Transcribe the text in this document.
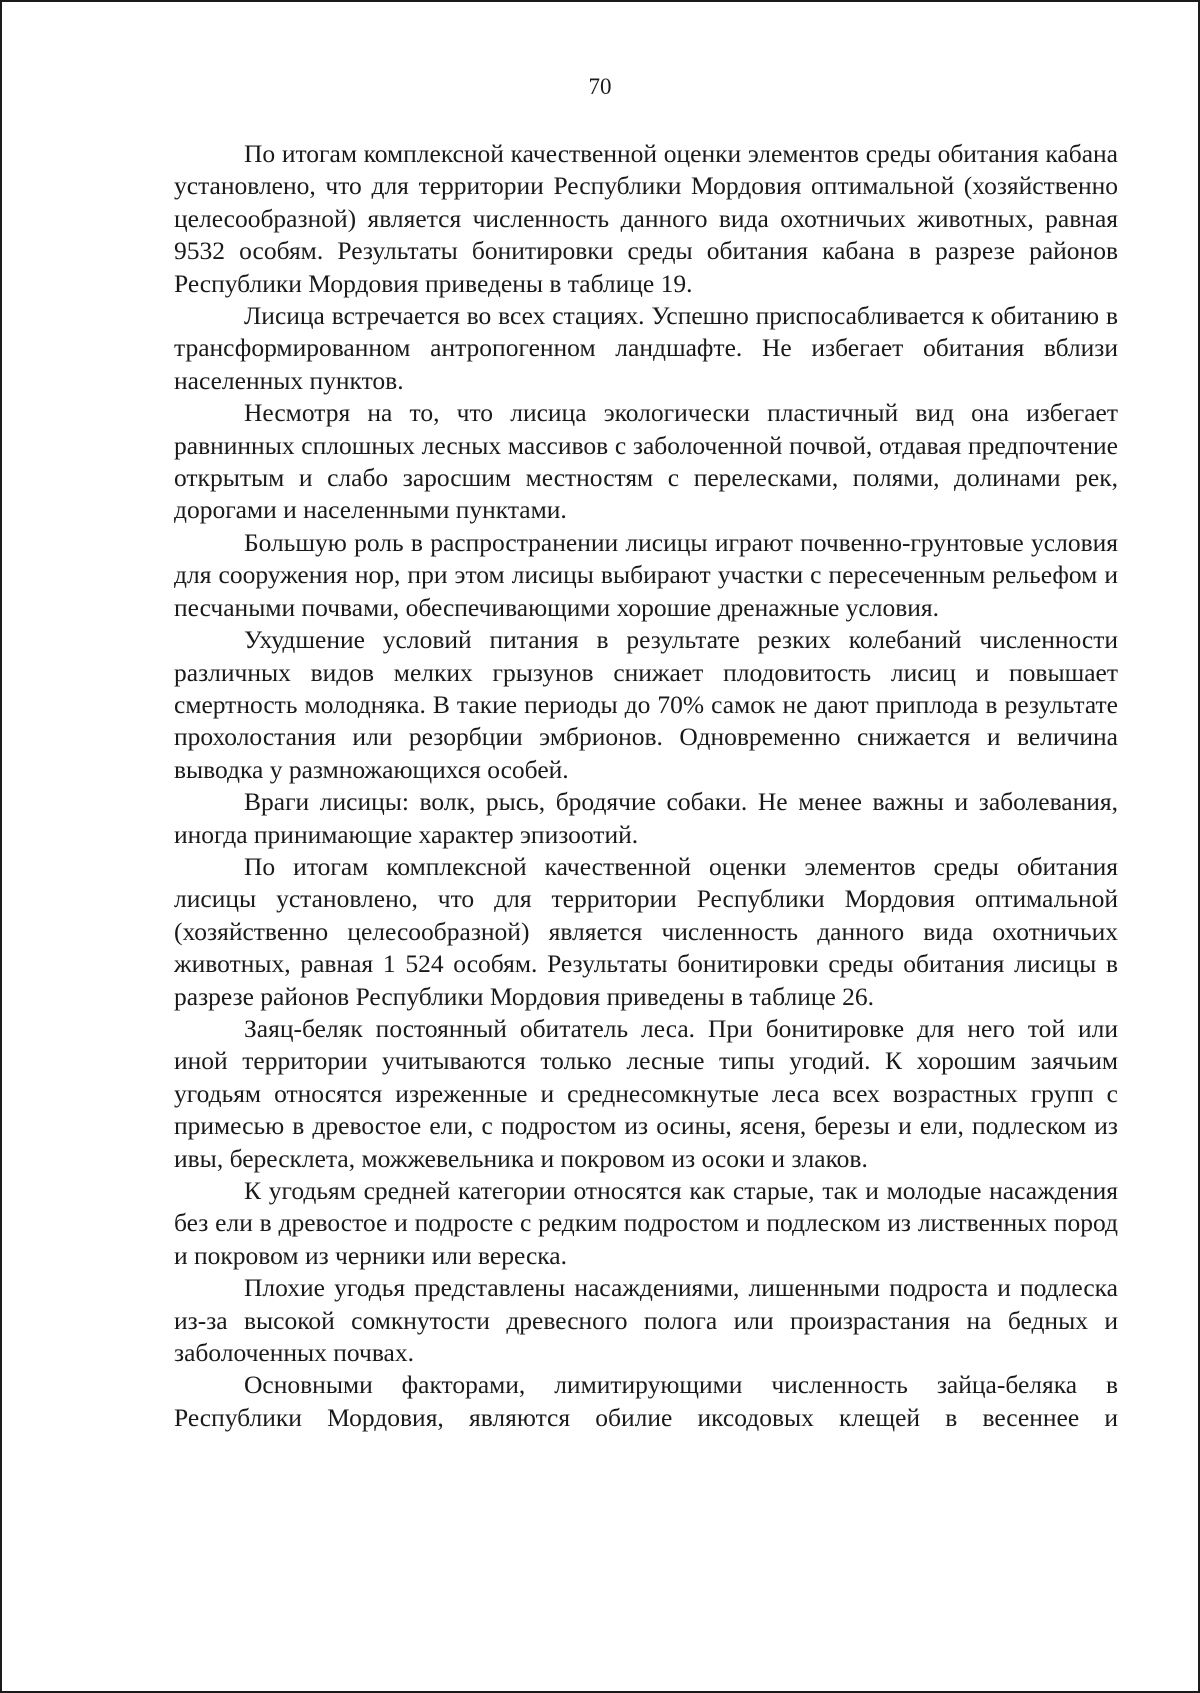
70

По итогам комплексной качественной оценки элементов среды обитания кабана установлено, что для территории Республики Мордовия оптимальной (хозяйственно целесообразной) является численность данного вида охотничьих животных, равная 9532 особям. Результаты бонитировки среды обитания кабана в разрезе районов Республики Мордовия приведены в таблице 19.

Лисица встречается во всех стациях. Успешно приспосабливается к обитанию в трансформированном антропогенном ландшафте. Не избегает обитания вблизи населенных пунктов.

Несмотря на то, что лисица экологически пластичный вид она избегает равнинных сплошных лесных массивов с заболоченной почвой, отдавая предпочтение открытым и слабо заросшим местностям с перелесками, полями, долинами рек, дорогами и населенными пунктами.

Большую роль в распространении лисицы играют почвенно-грунтовые условия для сооружения нор, при этом лисицы выбирают участки с пересеченным рельефом и песчаными почвами, обеспечивающими хорошие дренажные условия.

Ухудшение условий питания в результате резких колебаний численности различных видов мелких грызунов снижает плодовитость лисиц и повышает смертность молодняка. В такие периоды до 70% самок не дают приплода в результате прохолостания или резорбции эмбрионов. Одновременно снижается и величина выводка у размножающихся особей.

Враги лисицы: волк, рысь, бродячие собаки. Не менее важны и заболевания, иногда принимающие характер эпизоотий.

По итогам комплексной качественной оценки элементов среды обитания лисицы установлено, что для территории Республики Мордовия оптимальной (хозяйственно целесообразной) является численность данного вида охотничьих животных, равная 1 524 особям. Результаты бонитировки среды обитания лисицы в разрезе районов Республики Мордовия приведены в таблице 26.

Заяц-беляк постоянный обитатель леса. При бонитировке для него той или иной территории учитываются только лесные типы угодий. К хорошим заячьим угодьям относятся изреженные и среднесомкнутые леса всех возрастных групп с примесью в древостое ели, с подростом из осины, ясеня, березы и ели, подлеском из ивы, бересклета, можжевельника и покровом из осоки и злаков.

К угодьям средней категории относятся как старые, так и молодые насаждения без ели в древостое и подросте с редким подростом и подлеском из лиственных пород и покровом из черники или вереска.

Плохие угодья представлены насаждениями, лишенными подроста и подлеска из-за высокой сомкнутости древесного полога или произрастания на бедных и заболоченных почвах.

Основными факторами, лимитирующими численность зайца-беляка в Республики Мордовия, являются обилие иксодовых клещей в весеннее и
